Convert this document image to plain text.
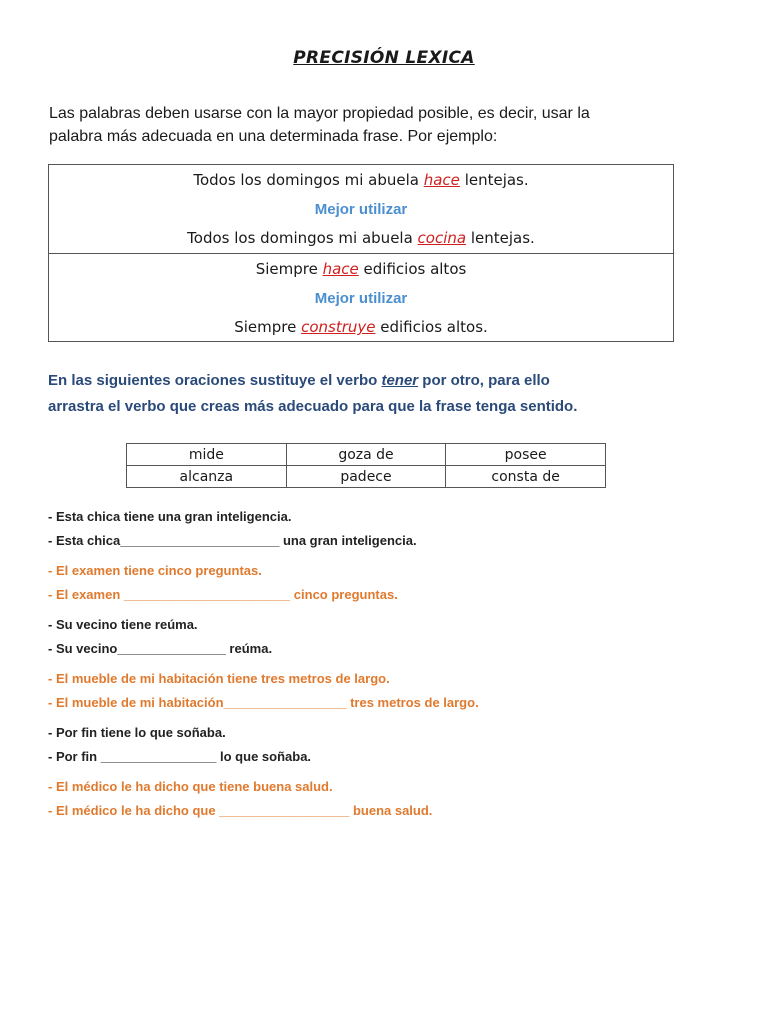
PRECISIÓN LEXICA
Las palabras deben usarse con la mayor propiedad posible, es decir, usar la
palabra más adecuada en una determinada frase. Por ejemplo:
Todos los domingos mi abuela hace lentejas.
Mejor utilizar
Todos los domingos mi abuela cocina lentejas.
Siempre hace edificios altos
Mejor utilizar
Siempre construye edificios altos.
En las siguientes oraciones sustituye el verbo tener por otro, para ello
arrastra el verbo que creas más adecuado para que la frase tenga sentido.
mide	goza de	posee
alcanza	padece	consta de
- Esta chica tiene una gran inteligencia.
- Esta chica______________________ una gran inteligencia.
- El examen tiene cinco preguntas.
- El examen _______________________ cinco preguntas.
- Su vecino tiene reúma.
- Su vecino_______________ reúma.
- El mueble de mi habitación tiene tres metros de largo.
- El mueble de mi habitación_________________ tres metros de largo.
- Por fin tiene lo que soñaba.
- Por fin ________________ lo que soñaba.
- El médico le ha dicho que tiene buena salud.
- El médico le ha dicho que __________________ buena salud.
